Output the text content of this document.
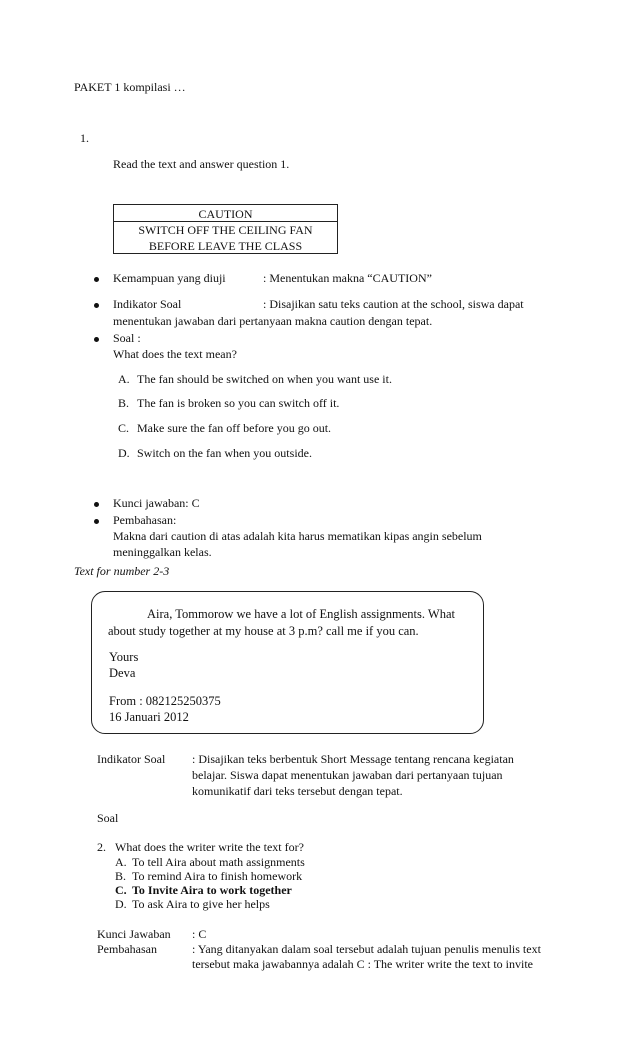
PAKET 1 kompilasi …
1.
Read the text and answer question 1.
CAUTION
SWITCH OFF THE CEILING FAN
BEFORE LEAVE THE CLASS
Kemampuan yang diuji	: Menentukan makna “CAUTION”
Indikator Soal	: Disajikan satu teks caution at the school, siswa dapat
menentukan jawaban dari pertanyaan makna caution dengan tepat.
Soal :
What does the text mean?
A. The fan should be switched on when you want use it.
B. The fan is broken so you can switch off it.
C. Make sure the fan off before you go out.
D. Switch on the fan when you outside.
Kunci jawaban: C
Pembahasan:
Makna dari caution di atas adalah kita harus mematikan kipas angin sebelum
meninggalkan kelas.
Text for number 2-3
Aira, Tommorow we have a lot of English assignments. What
about study together at my house at 3 p.m? call me if you can.
Yours
Deva
From : 082125250375
16 Januari 2012
Indikator Soal : Disajikan teks berbentuk Short Message tentang rencana kegiatan
belajar. Siswa dapat menentukan jawaban dari pertanyaan tujuan
komunikatif dari teks tersebut dengan tepat.
Soal
2. What does the writer write the text for?
A. To tell Aira about math assignments
B. To remind Aira to finish homework
C. To Invite Aira to work together
D. To ask Aira to give her helps
Kunci Jawaban : C
Pembahasan	: Yang ditanyakan dalam soal tersebut adalah tujuan penulis menulis text
tersebut maka jawabannya adalah C : The writer write the text to invite
